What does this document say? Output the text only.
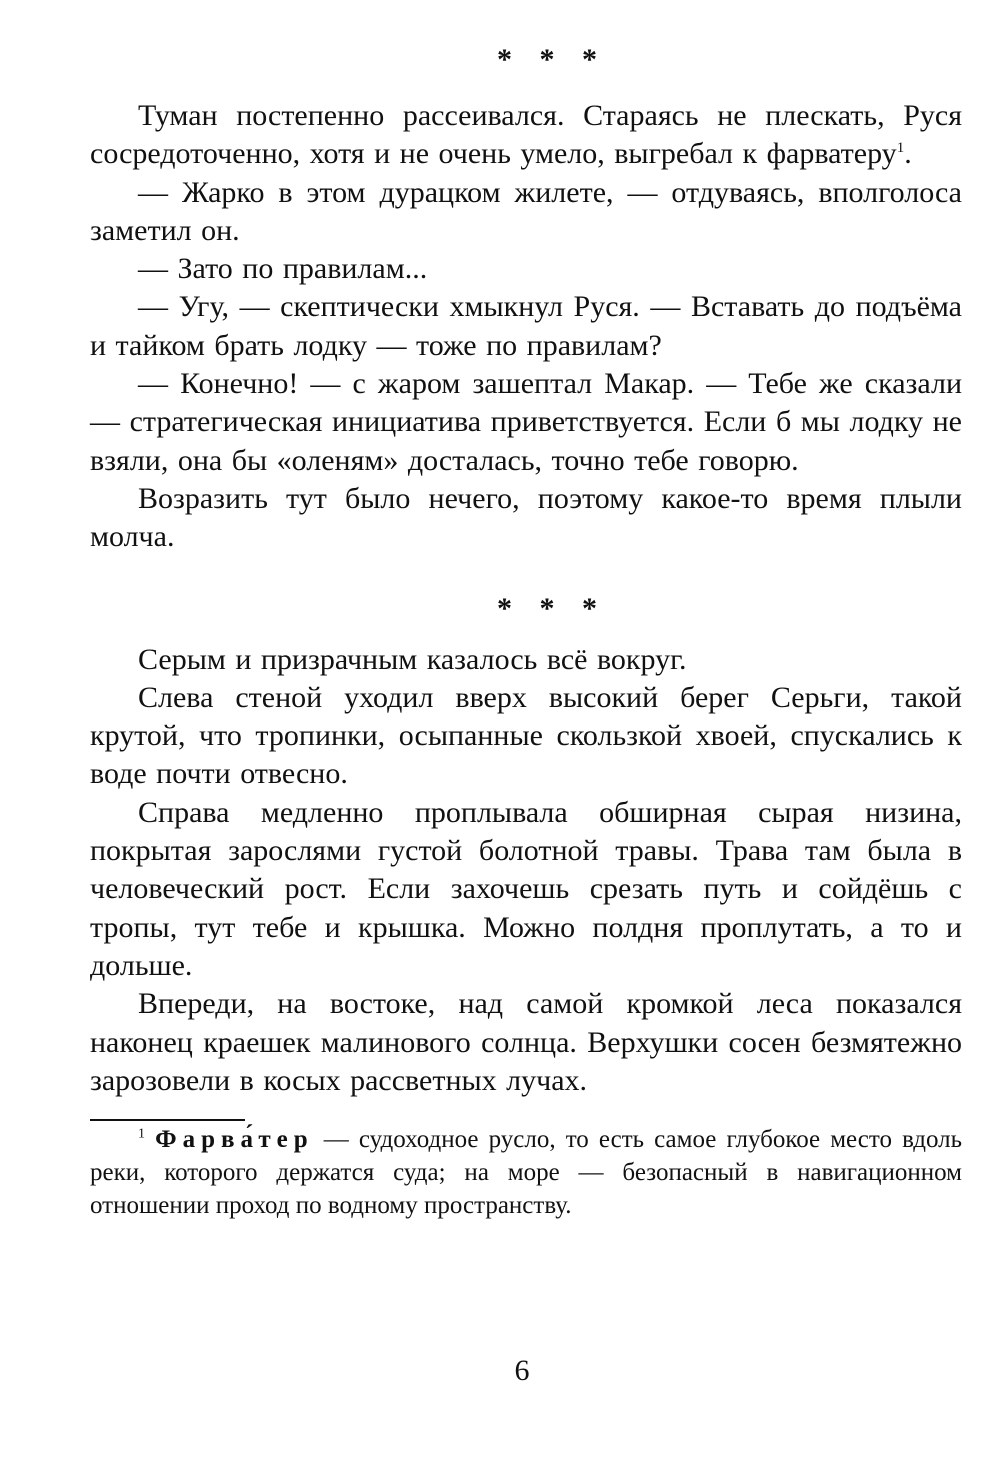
* * *

Туман постепенно рассеивался. Стараясь не плескать, Руся сосредоточенно, хотя и не очень умело, выгребал к фарватеру$^1$.

— Жарко в этом дурацком жилете, — отдуваясь, вполголоса заметил он.

— Зато по правилам...

— Угу, — скептически хмыкнул Руся. — Вставать до подъёма и тайком брать лодку — тоже по правилам?

— Конечно! — с жаром зашептал Макар. — Тебе же сказали — стратегическая инициатива приветствуется. Если б мы лодку не взяли, она бы «оленям» досталась, точно тебе говорю.

Возразить тут было нечего, поэтому какое-то время плыли молча.

* * *

Серым и призрачным казалось всё вокруг.

Слева стеной уходил вверх высокий берег Серьги, такой крутой, что тропинки, осыпанные скользкой хвоей, спускались к воде почти отвесно.

Справа медленно проплывала обширная сырая низина, покрытая зарослями густой болотной травы. Трава там была в человеческий рост. Если захочешь срезать путь и сойдёшь с тропы, тут тебе и крышка. Можно полдня проплутать, а то и дольше.

Впереди, на востоке, над самой кромкой леса показался наконец краешек малинового солнца. Верхушки сосен безмятежно зарозовели в косых рассветных лучах.

$^1$ Фарва́тер — судоходное русло, то есть самое глубокое место вдоль реки, которого держатся суда; на море — безопасный в навигационном отношении проход по водному пространству.

6
